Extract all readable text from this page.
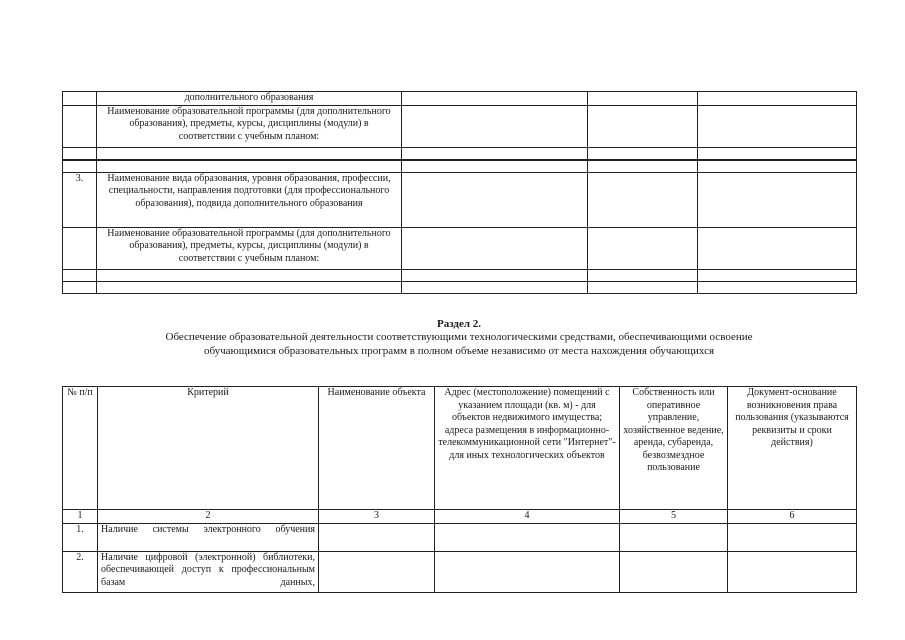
	дополнительного образования			
	Наименование образовательной программы (для дополнительного образования), предметы, курсы, дисциплины (модули) в соответствии с учебным планом:			

3.	Наименование вида образования, уровня образования, профессии, специальности, направления подготовки (для профессионального образования), подвида дополнительного образования			
	Наименование образовательной программы (для дополнительного образования), предметы, курсы, дисциплины (модули) в соответствии с учебным планом:			

Раздел 2.
Обеспечение образовательной деятельности соответствующими технологическими средствами, обеспечивающими освоение обучающимися образовательных программ в полном объеме независимо от места нахождения обучающихся
№ п/п	Критерий	Наименование объекта	Адрес (местоположение) помещений с указанием площади (кв. м) - для объектов недвижимого имущества; адреса размещения в информационно-телекоммуникационной сети "Интернет"- для иных технологических объектов	Собственность или оперативное управление, хозяйственное ведение, аренда, субаренда, безвозмездное пользование	Документ-основание возникновения права пользования (указываются реквизиты и сроки действия)
1	2	3	4	5	6
1.	Наличие системы электронного обучения				
2.	Наличие цифровой (электронной) библиотеки, обеспечивающей доступ к профессиональным базам данных,				
